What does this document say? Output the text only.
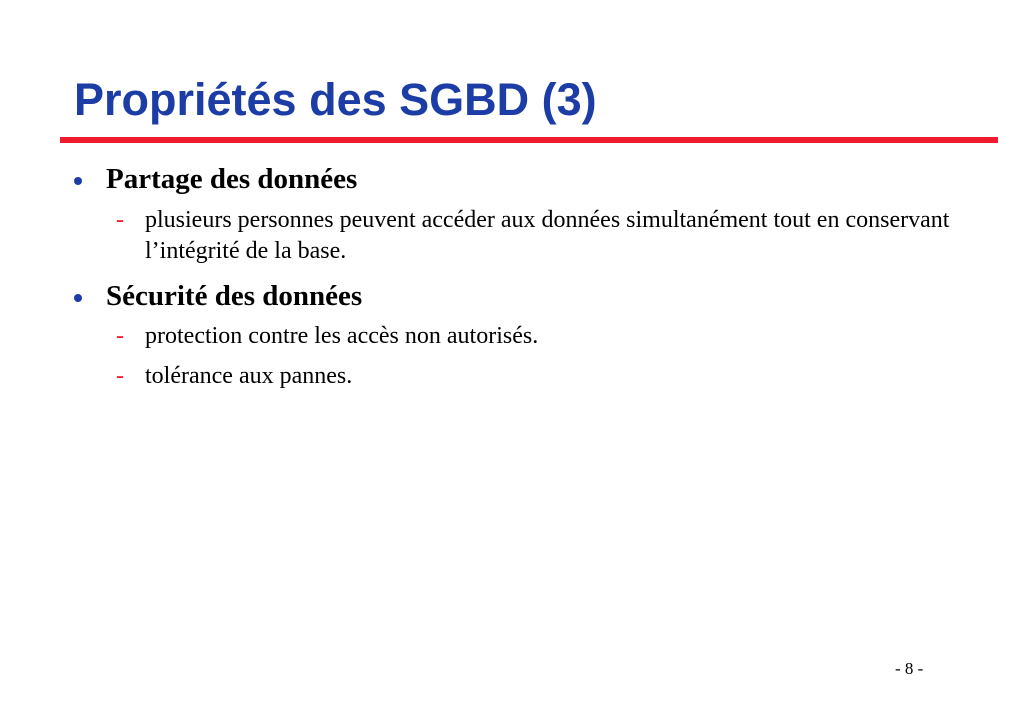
Propriétés des SGBD (3)
Partage des données
- plusieurs personnes peuvent accéder aux données simultanément tout en conservant l’intégrité de la base.
Sécurité des données
- protection contre les accès non autorisés.
- tolérance aux pannes.
- 8 -
